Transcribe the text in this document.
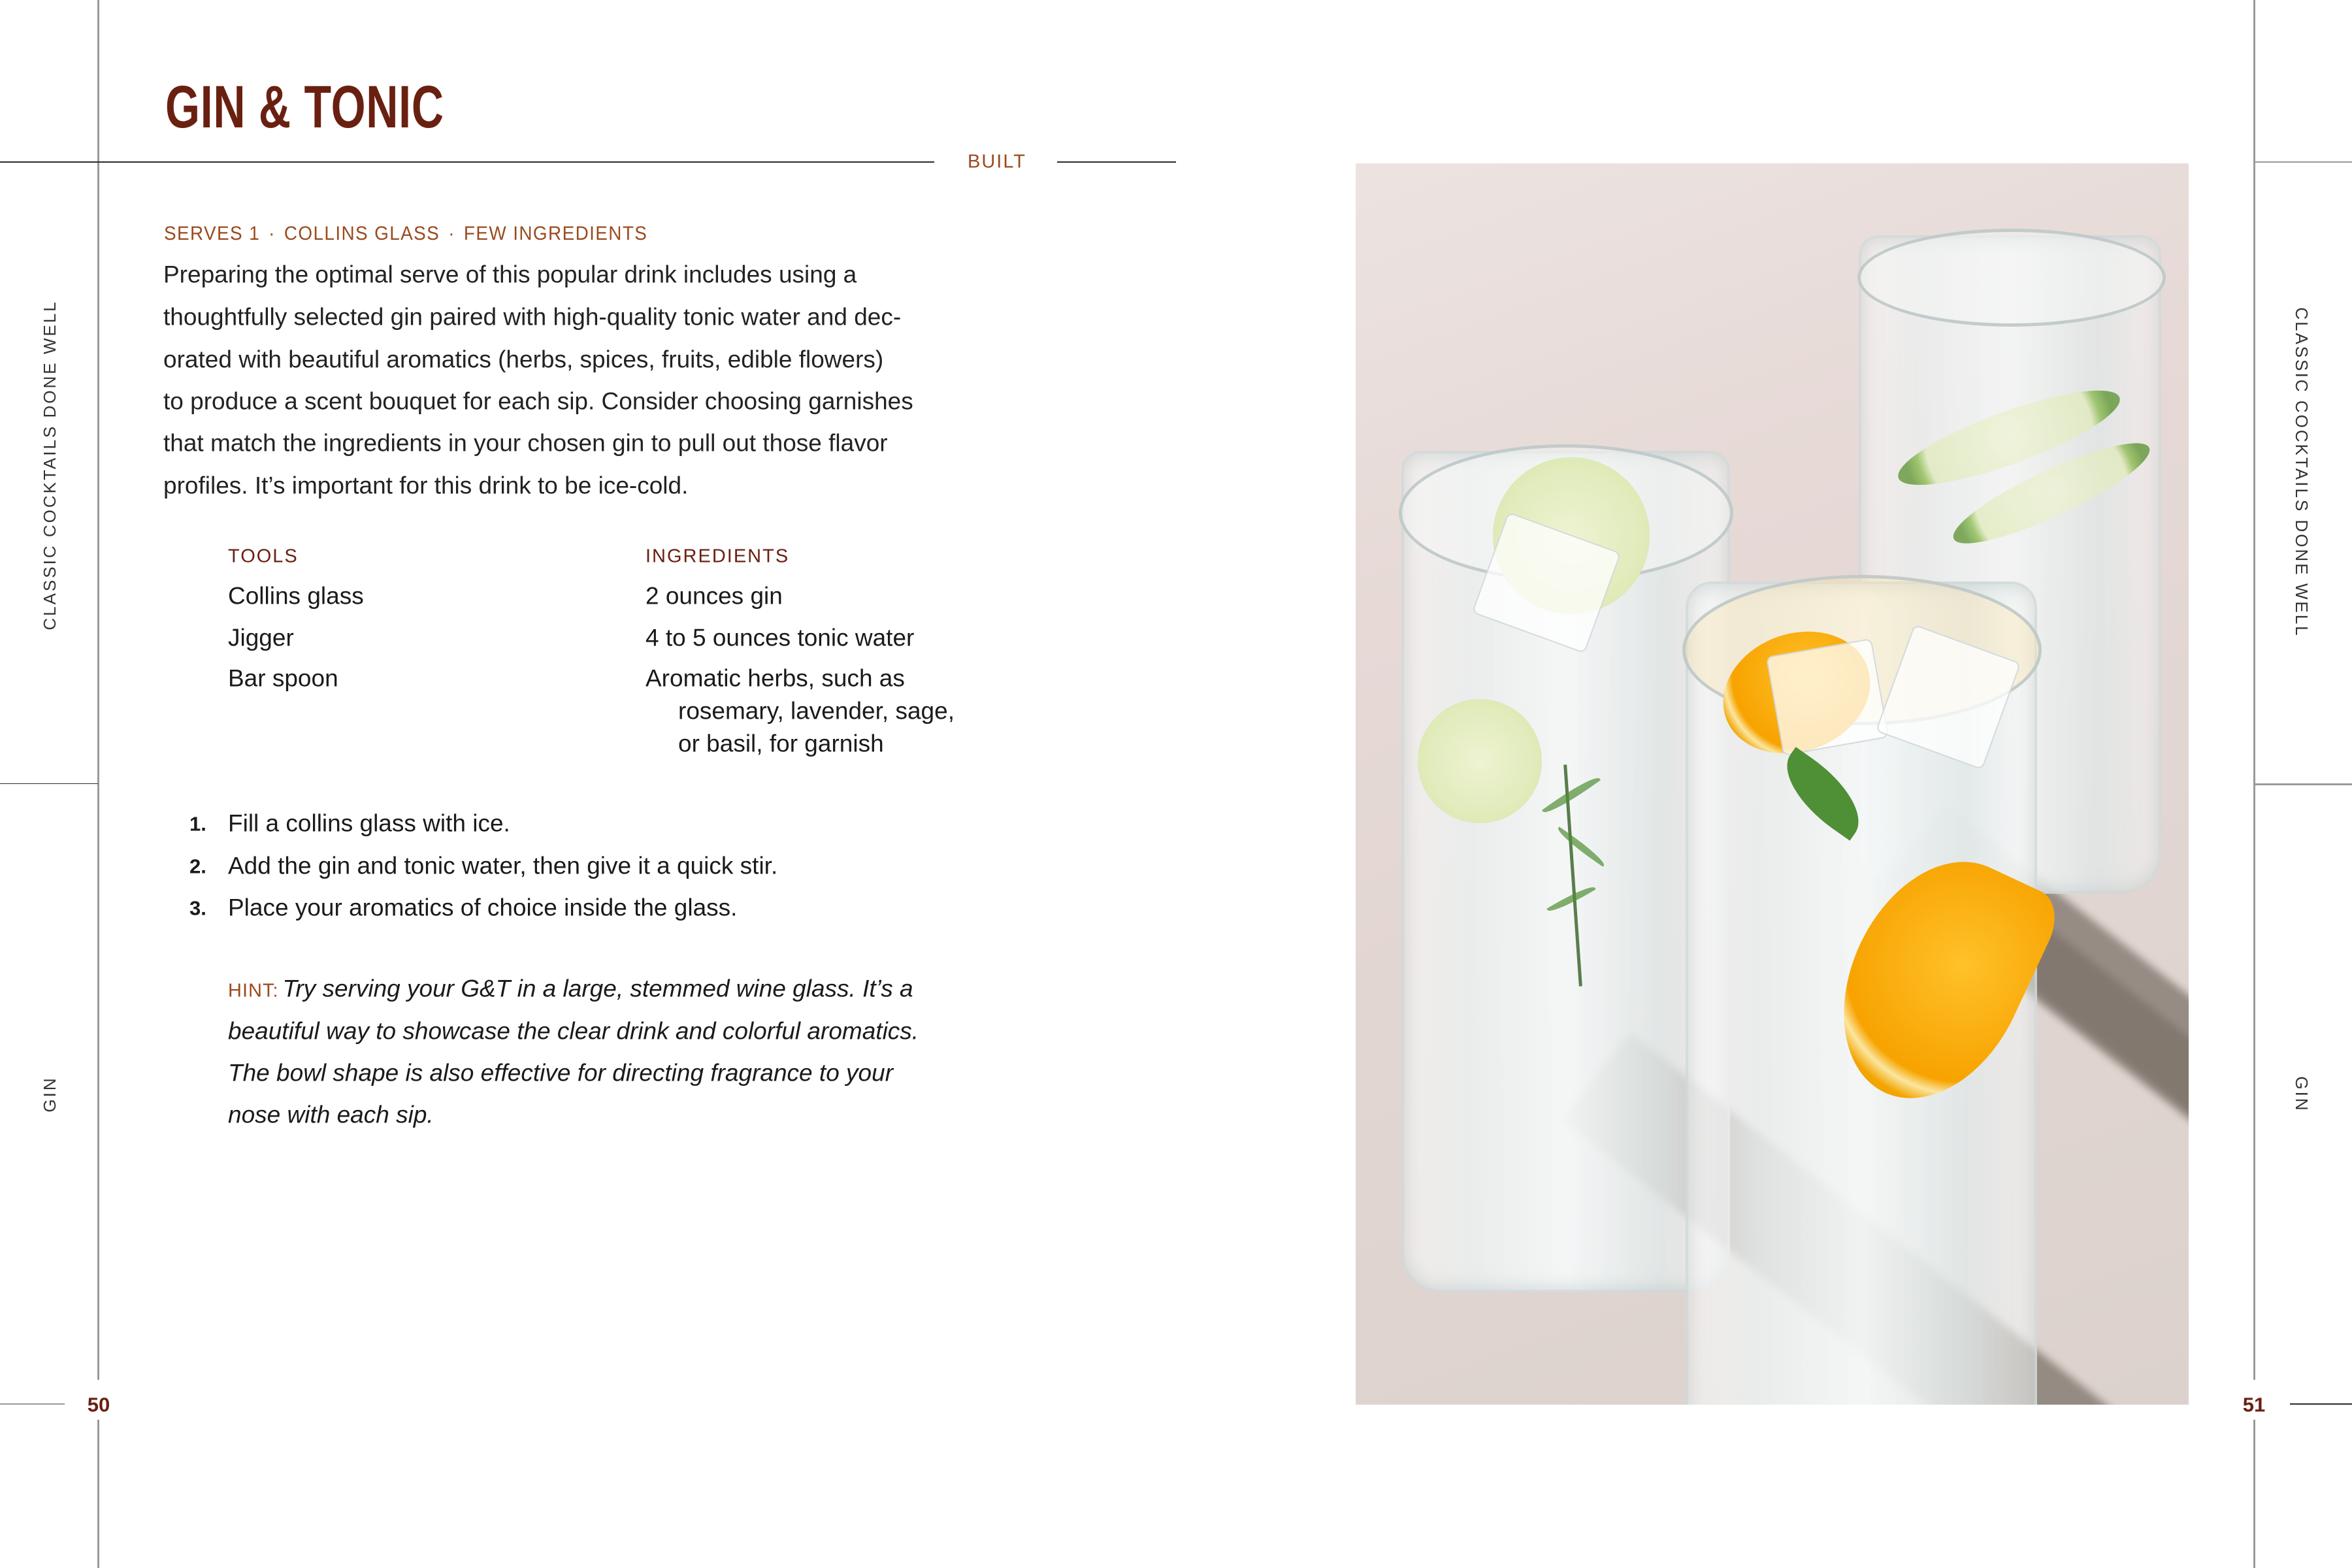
CLASSIC COCKTAILS DONE WELL
GIN
CLASSIC COCKTAILS DONE WELL
GIN
50	51
GIN & TONIC
BUILT
SERVES 1 · COLLINS GLASS · FEW INGREDIENTS
Preparing the optimal serve of this popular drink includes using a
thoughtfully selected gin paired with high-quality tonic water and dec-
orated with beautiful aromatics (herbs, spices, fruits, edible flowers)
to produce a scent bouquet for each sip. Consider choosing garnishes
that match the ingredients in your chosen gin to pull out those flavor
profiles. It’s important for this drink to be ice-cold.
TOOLS
Collins glass
Jigger
Bar spoon
INGREDIENTS
2 ounces gin
4 to 5 ounces tonic water
Aromatic herbs, such as
rosemary, lavender, sage,
or basil, for garnish
1. Fill a collins glass with ice.
2. Add the gin and tonic water, then give it a quick stir.
3. Place your aromatics of choice inside the glass.
HINT: Try serving your G&T in a large, stemmed wine glass. It’s a
beautiful way to showcase the clear drink and colorful aromatics.
The bowl shape is also effective for directing fragrance to your
nose with each sip.
